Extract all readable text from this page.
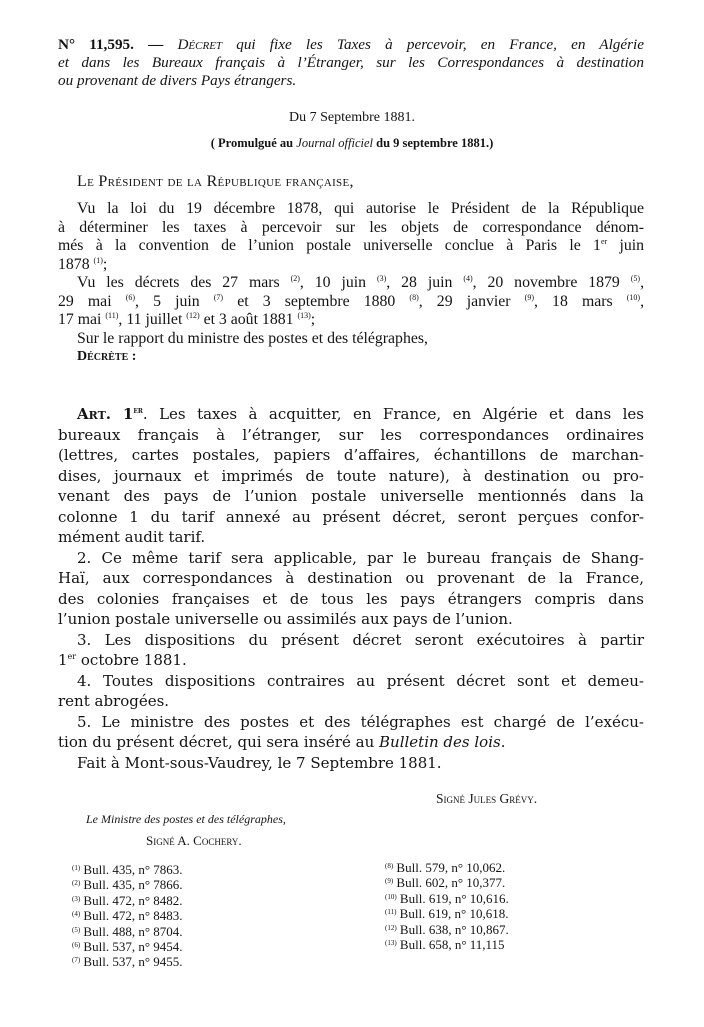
N° 11,595. — Décret qui fixe les Taxes à percevoir, en France, en Algérie
et dans les Bureaux français à l’Étranger, sur les Correspondances à destination
ou provenant de divers Pays étrangers.
Du 7 Septembre 1881.
( Promulgué au Journal officiel du 9 septembre 1881.)
Le Président de la République française,
Vu la loi du 19 décembre 1878, qui autorise le Président de la République
à déterminer les taxes à percevoir sur les objets de correspondance dénom-
més à la convention de l’union postale universelle conclue à Paris le 1er juin
1878 $^{(1)}$;
Vu les décrets des 27 mars $^{(2)}$, 10 juin $^{(3)}$, 28 juin $^{(4)}$, 20 novembre 1879 $^{(5)}$,
29 mai $^{(6)}$, 5 juin $^{(7)}$ et 3 septembre 1880 $^{(8)}$, 29 janvier $^{(9)}$, 18 mars $^{(10)}$,
17 mai $^{(11)}$, 11 juillet $^{(12)}$ et 3 août 1881 $^{(13)}$;
Sur le rapport du ministre des postes et des télégraphes,
Décrète :
Art. 1er. Les taxes à acquitter, en France, en Algérie et dans les
bureaux français à l’étranger, sur les correspondances ordinaires
(lettres, cartes postales, papiers d’affaires, échantillons de marchan-
dises, journaux et imprimés de toute nature), à destination ou pro-
venant des pays de l’union postale universelle mentionnés dans la
colonne 1 du tarif annexé au présent décret, seront perçues confor-
mément audit tarif.
2. Ce même tarif sera applicable, par le bureau français de Shang-
Haï, aux correspondances à destination ou provenant de la France,
des colonies françaises et de tous les pays étrangers compris dans
l’union postale universelle ou assimilés aux pays de l’union.
3. Les dispositions du présent décret seront exécutoires à partir
1er octobre 1881.
4. Toutes dispositions contraires au présent décret sont et demeu-
rent abrogées.
5. Le ministre des postes et des télégraphes est chargé de l’exécu-
tion du présent décret, qui sera inséré au Bulletin des lois.
Fait à Mont-sous-Vaudrey, le 7 Septembre 1881.
Signé Jules Grévy.
Le Ministre des postes et des télégraphes,
Signé A. Cochery.
$^{(1)}$ Bull. 435, n° 7863.
$^{(2)}$ Bull. 435, n° 7866.
$^{(3)}$ Bull. 472, n° 8482.
$^{(4)}$ Bull. 472, n° 8483.
$^{(5)}$ Bull. 488, n° 8704.
$^{(6)}$ Bull. 537, n° 9454.
$^{(7)}$ Bull. 537, n° 9455.
$^{(8)}$ Bull. 579, n° 10,062.
$^{(9)}$ Bull. 602, n° 10,377.
$^{(10)}$ Bull. 619, n° 10,616.
$^{(11)}$ Bull. 619, n° 10,618.
$^{(12)}$ Bull. 638, n° 10,867.
$^{(13)}$ Bull. 658, n° 11,115
